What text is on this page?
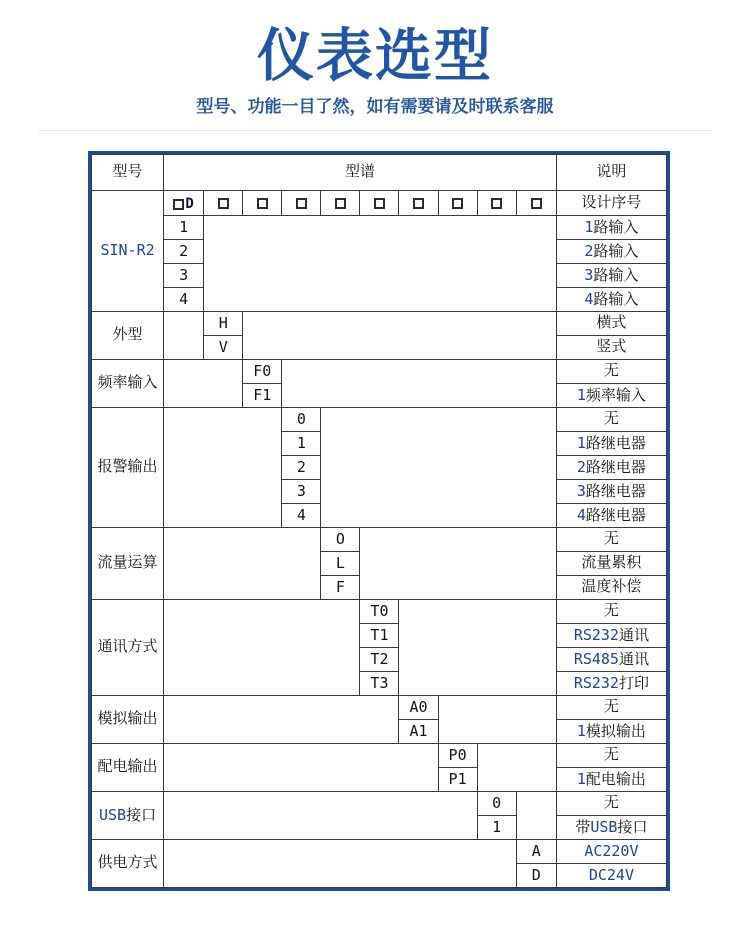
仪表选型

型号、功能一目了然，如有需要请及时联系客服

型号	型谱										说明
SIN-R2	D										设计序号
	1										1路输入
	2										2路输入
	3										3路输入
	4										4路输入
外型		H									横式
		V									竖式
频率输入			F0								无
			F1								1频率输入
报警输出				0							无
				1							1路继电器
				2							2路继电器
				3							3路继电器
				4							4路继电器
流量运算					O						无
					L						流量累积
					F						温度补偿
通讯方式						T0					无
						T1					RS232通讯
						T2					RS485通讯
						T3					RS232打印
模拟输出							A0				无
							A1				1模拟输出
配电输出								P0			无
								P1			1配电输出
USB接口									0		无
									1		带USB接口
供电方式										A	AC220V
										D	DC24V
